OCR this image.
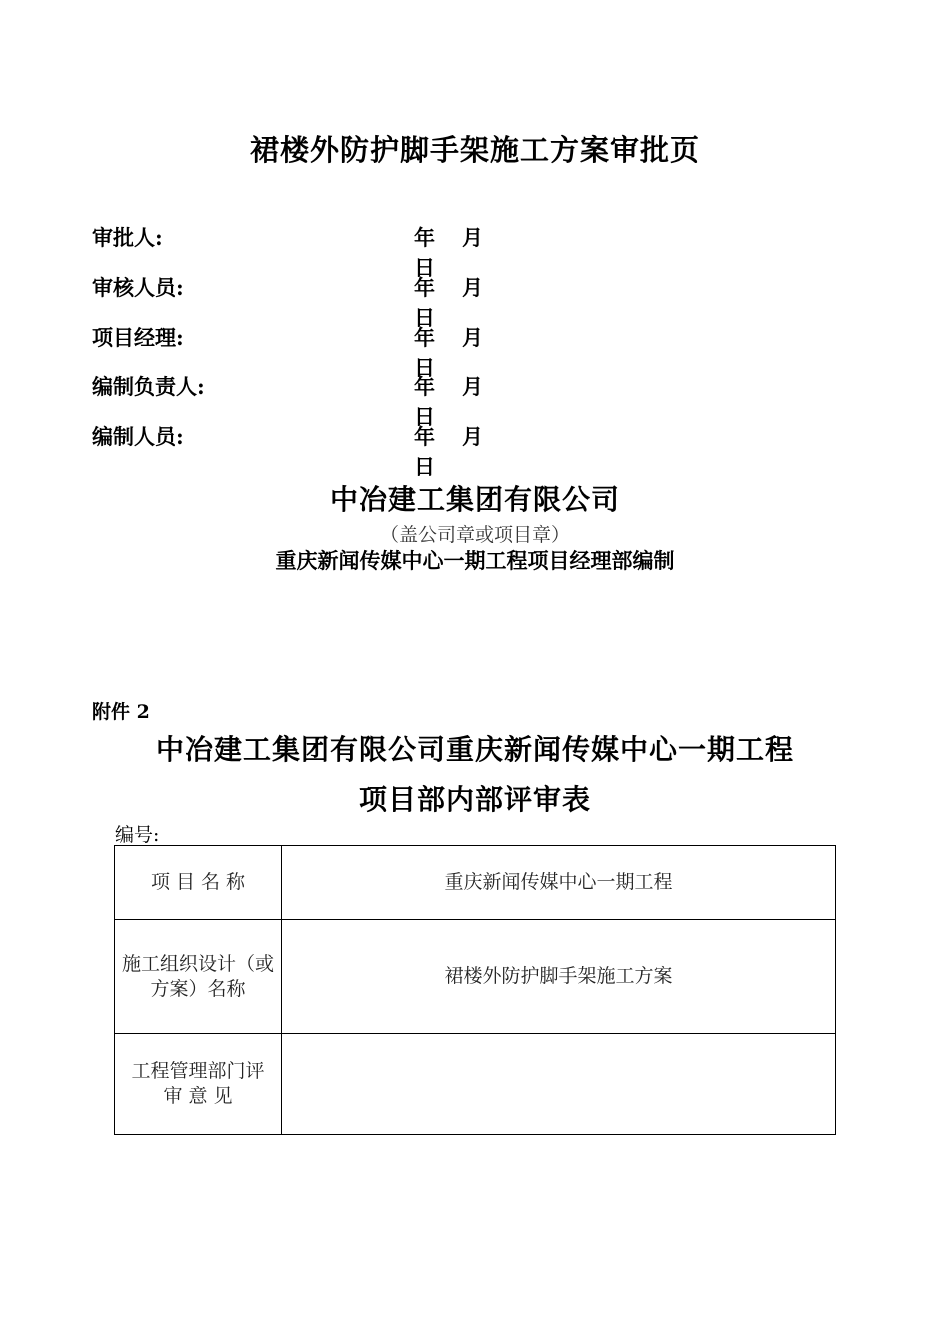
裙楼外防护脚手架施工方案审批页
审批人:	年 月日
审核人员:	年 月日
项目经理:	年 月日
编制负责人:	年 月日
编制人员:	年 月日
中冶建工集团有限公司
（盖公司章或项目章）
重庆新闻传媒中心一期工程项目经理部编制
附件 2
中冶建工集团有限公司重庆新闻传媒中心一期工程
项目部内部评审表
编号:
项 目 名 称	重庆新闻传媒中心一期工程
施工组织设计（或方案）名称	裙楼外防护脚手架施工方案
工程管理部门评 审 意 见	
